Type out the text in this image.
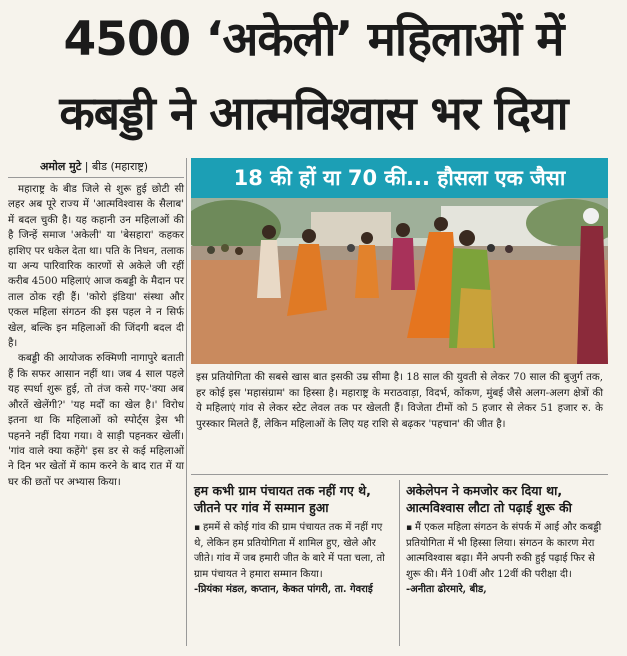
4500 ‘अकेली’ महिलाओं में
कबड्डी ने आत्मविश्वास भर दिया
अमोल मुटे | बीड (महाराष्ट्र)

महाराष्ट्र के बीड जिले से शुरू हुई छोटी सी लहर अब पूरे राज्य में 'आत्मविश्वास के सैलाब' में बदल चुकी है। यह कहानी उन महिलाओं की है जिन्हें समाज 'अकेली' या 'बेसहारा' कहकर हाशिए पर धकेल देता था। पति के निधन, तलाक या अन्य पारिवारिक कारणों से अकेले जी रहीं करीब 4500 महिलाएं आज कबड्डी के मैदान पर ताल ठोक रही हैं। 'कोरो इंडिया' संस्था और एकल महिला संगठन की इस पहल ने न सिर्फ खेल, बल्कि इन महिलाओं की जिंदगी बदल दी है।

कबड्डी की आयोजक रुक्मिणी नागापुरे बताती हैं कि सफर आसान नहीं था। जब 4 साल पहले यह स्पर्धा शुरू हुई, तो तंज कसे गए-'क्या अब औरतें खेलेंगी?' 'यह मर्दों का खेल है।' विरोध इतना था कि महिलाओं को स्पोर्ट्स ड्रेस भी पहनने नहीं दिया गया। वे साड़ी पहनकर खेलीं। 'गांव वाले क्या कहेंगे' इस डर से कई महिलाओं ने दिन भर खेतों में काम करने के बाद रात में या घर की छतों पर अभ्यास किया।

18 की हों या 70 की... हौसला एक जैसा
इस प्रतियोगिता की सबसे खास बात इसकी उम्र सीमा है। 18 साल की युवती से लेकर 70 साल की बुजुर्ग तक, हर कोई इस 'महासंग्राम' का हिस्सा है। महाराष्ट्र के मराठवाड़ा, विदर्भ, कोंकण, मुंबई जैसे अलग-अलग क्षेत्रों की ये महिलाएं गांव से लेकर स्टेट लेवल तक पर खेलती हैं। विजेता टीमों को 5 हजार से लेकर 51 हजार रु. के पुरस्कार मिलते हैं, लेकिन महिलाओं के लिए यह राशि से बढ़कर 'पहचान' की जीत है।
हम कभी ग्राम पंचायत तक नहीं गए थे, जीतने पर गांव में सम्मान हुआ
▪ हममें से कोई गांव की ग्राम पंचायत तक में नहीं गए थे, लेकिन हम प्रतियोगिता में शामिल हुए, खेले और जीते। गांव में जब हमारी जीत के बारे में पता चला, तो ग्राम पंचायत ने हमारा सम्मान किया।
-प्रियंका मंडल, कप्तान, केकत पांगरी, ता. गेवराई
अकेलेपन ने कमजोर कर दिया था, आत्मविश्वास लौटा तो पढ़ाई शुरू की
▪ मैं एकल महिला संगठन के संपर्क में आई और कबड्डी प्रतियोगिता में भी हिस्सा लिया। संगठन के कारण मेरा आत्मविश्वास बढ़ा। मैंने अपनी रुकी हुई पढ़ाई फिर से शुरू की। मैंने 10वीं और 12वीं की परीक्षा दी।
-अनीता ढोरमारे, बीड,
